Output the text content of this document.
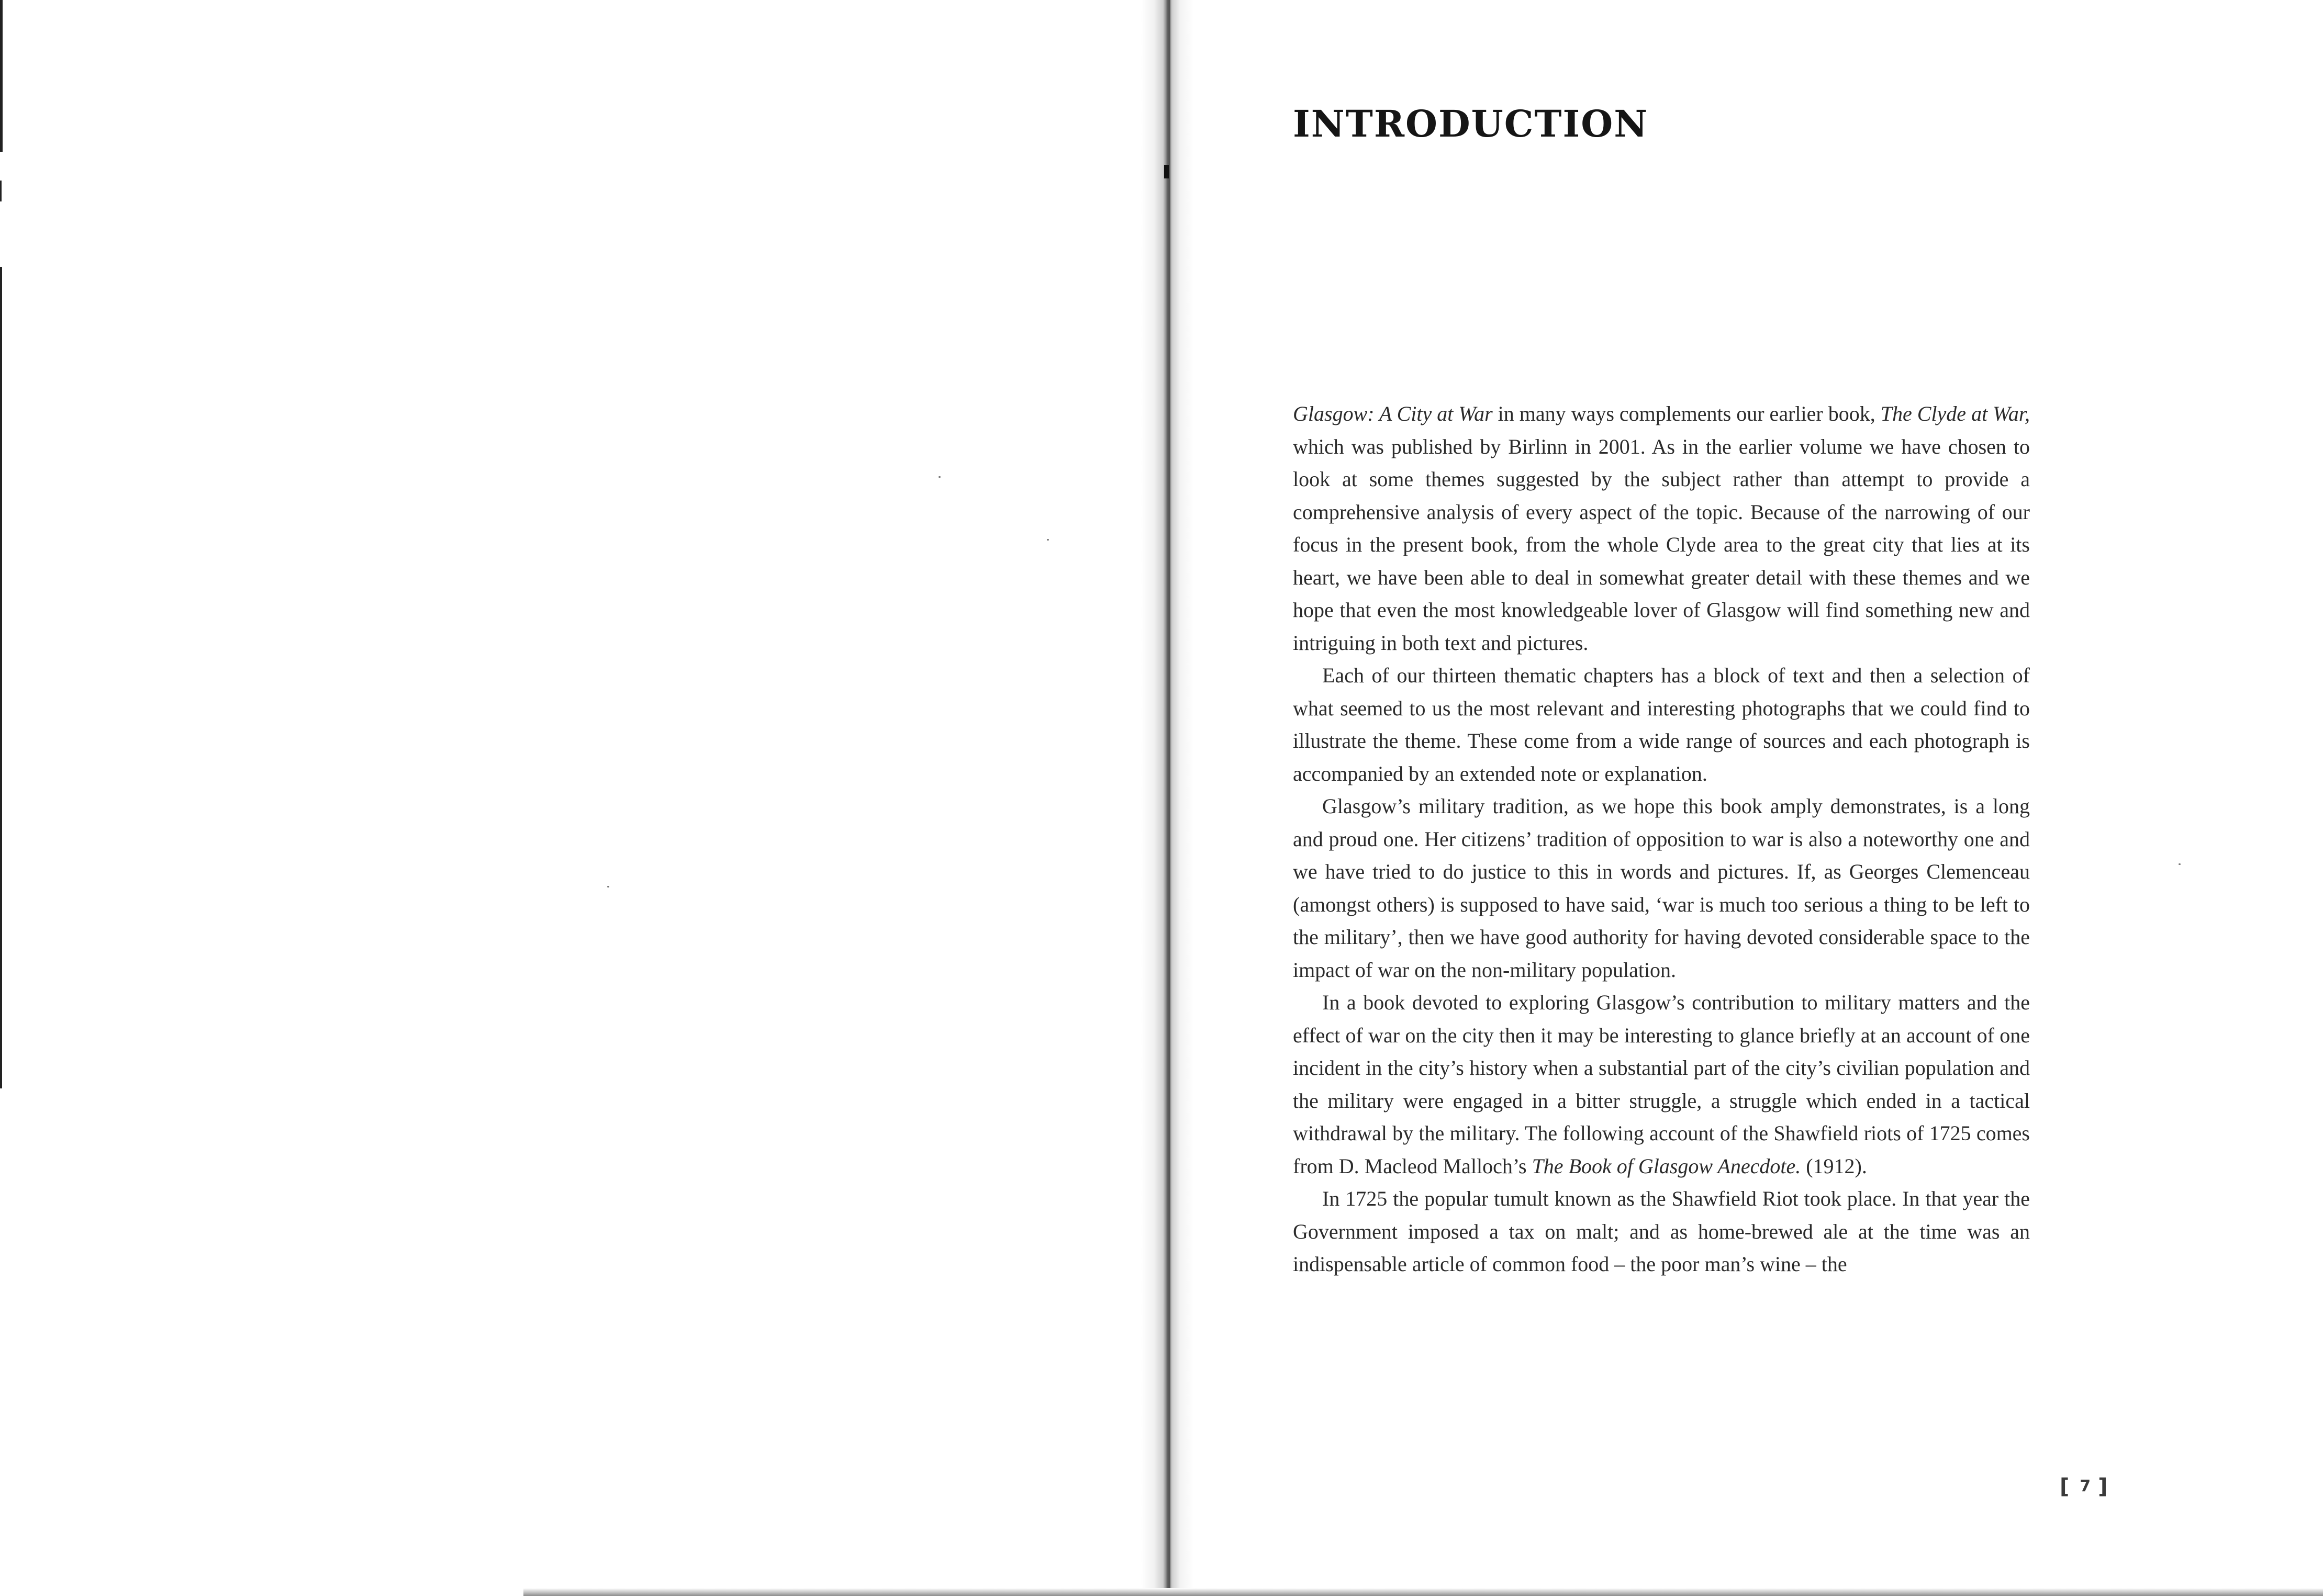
INTRODUCTION

Glasgow: A City at War in many ways complements our earlier book, The Clyde at War, which was published by Birlinn in 2001. As in the earlier volume we have chosen to look at some themes suggested by the subject rather than attempt to provide a comprehensive analysis of every aspect of the topic. Because of the narrowing of our focus in the present book, from the whole Clyde area to the great city that lies at its heart, we have been able to deal in somewhat greater detail with these themes and we hope that even the most knowledgeable lover of Glasgow will find something new and intriguing in both text and pictures.

Each of our thirteen thematic chapters has a block of text and then a selection of what seemed to us the most relevant and interesting photographs that we could find to illustrate the theme. These come from a wide range of sources and each photograph is accompanied by an extended note or explanation.

Glasgow’s military tradition, as we hope this book amply demonstrates, is a long and proud one. Her citizens’ tradition of opposition to war is also a noteworthy one and we have tried to do justice to this in words and pictures. If, as Georges Clemenceau (amongst others) is supposed to have said, ‘war is much too serious a thing to be left to the military’, then we have good authority for having devoted considerable space to the impact of war on the non-military population.

In a book devoted to exploring Glasgow’s contribution to military matters and the effect of war on the city then it may be interesting to glance briefly at an account of one incident in the city’s history when a substantial part of the city’s civilian population and the military were engaged in a bitter struggle, a struggle which ended in a tactical withdrawal by the military. The following account of the Shawfield riots of 1725 comes from D. Macleod Malloch’s The Book of Glasgow Anecdote. (1912).

In 1725 the popular tumult known as the Shawfield Riot took place. In that year the Government imposed a tax on malt; and as home-brewed ale at the time was an indispensable article of common food – the poor man’s wine – the

[ 7 ]
